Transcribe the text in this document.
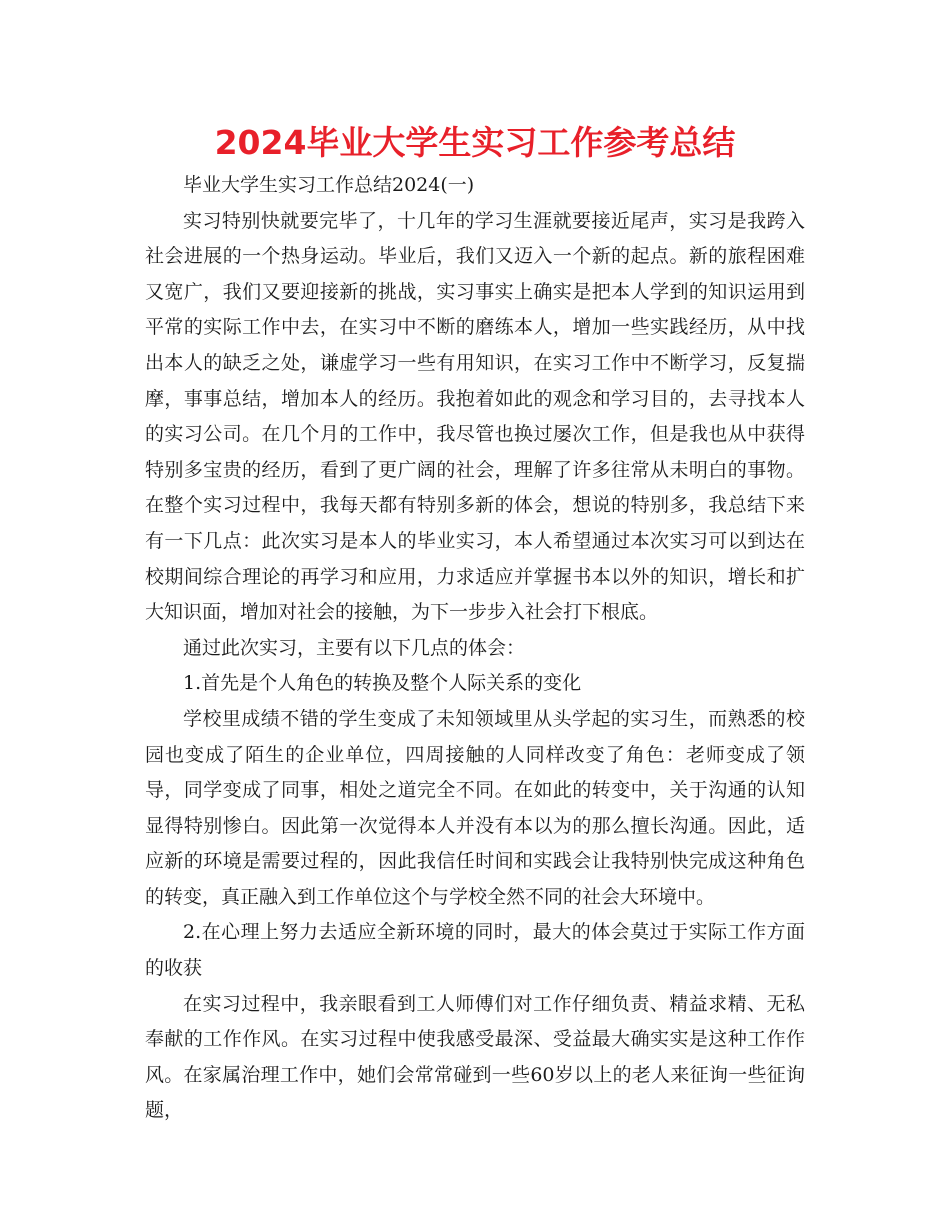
2024毕业大学生实习工作参考总结

毕业大学生实习工作总结2024(一)

实习特别快就要完毕了，十几年的学习生涯就要接近尾声，实习是我跨入社会进展的一个热身运动。毕业后，我们又迈入一个新的起点。新的旅程困难又宽广，我们又要迎接新的挑战，实习事实上确实是把本人学到的知识运用到平常的实际工作中去，在实习中不断的磨练本人，增加一些实践经历，从中找出本人的缺乏之处，谦虚学习一些有用知识，在实习工作中不断学习，反复揣摩，事事总结，增加本人的经历。我抱着如此的观念和学习目的，去寻找本人的实习公司。在几个月的工作中，我尽管也换过屡次工作，但是我也从中获得特别多宝贵的经历，看到了更广阔的社会，理解了许多往常从未明白的事物。在整个实习过程中，我每天都有特别多新的体会，想说的特别多，我总结下来有一下几点：此次实习是本人的毕业实习，本人希望通过本次实习可以到达在校期间综合理论的再学习和应用，力求适应并掌握书本以外的知识，增长和扩大知识面，增加对社会的接触，为下一步步入社会打下根底。

通过此次实习，主要有以下几点的体会：

1.首先是个人角色的转换及整个人际关系的变化

学校里成绩不错的学生变成了未知领域里从头学起的实习生，而熟悉的校园也变成了陌生的企业单位，四周接触的人同样改变了角色：老师变成了领导，同学变成了同事，相处之道完全不同。在如此的转变中，关于沟通的认知显得特别惨白。因此第一次觉得本人并没有本以为的那么擅长沟通。因此，适应新的环境是需要过程的，因此我信任时间和实践会让我特别快完成这种角色的转变，真正融入到工作单位这个与学校全然不同的社会大环境中。

2.在心理上努力去适应全新环境的同时，最大的体会莫过于实际工作方面的收获

在实习过程中，我亲眼看到工人师傅们对工作仔细负责、精益求精、无私奉献的工作作风。在实习过程中使我感受最深、受益最大确实实是这种工作作风。在家属治理工作中，她们会常常碰到一些60岁以上的老人来征询一些征询题，
